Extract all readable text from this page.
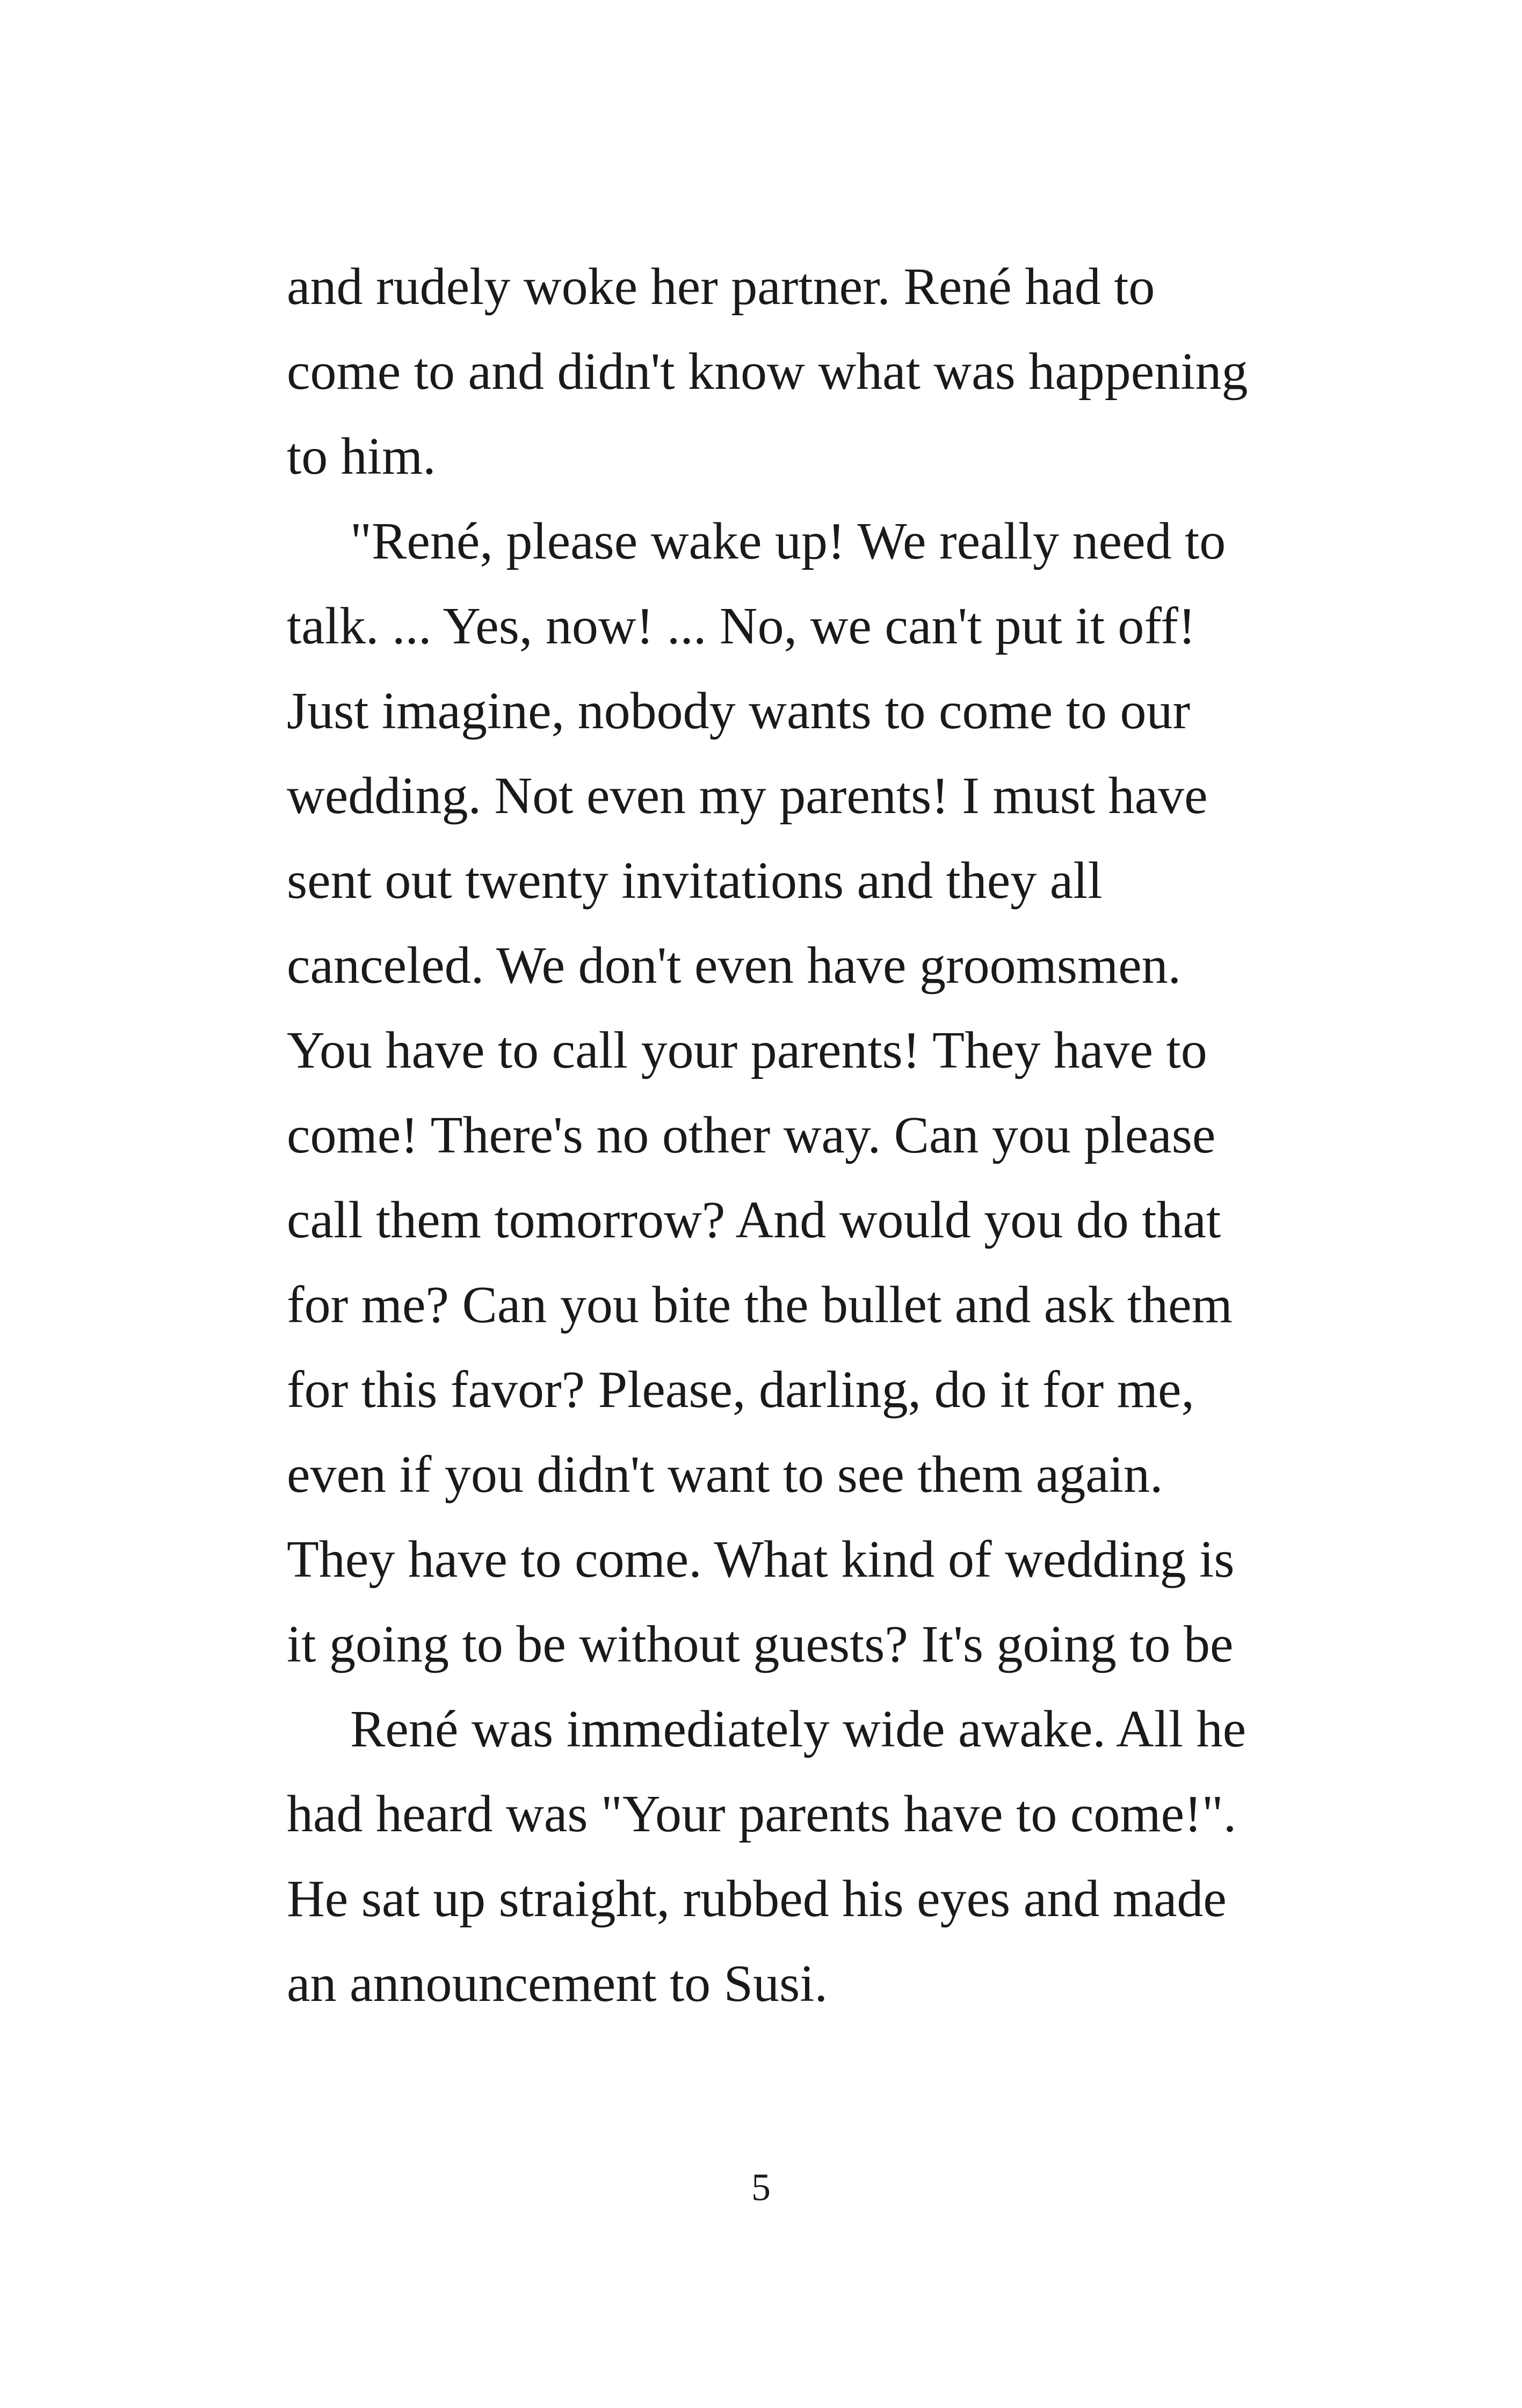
and rudely woke her partner. René had to
come to and didn't know what was happening
to him.

"René, please wake up! We really need to
talk. ... Yes, now! ... No, we can't put it off!
Just imagine, nobody wants to come to our
wedding. Not even my parents! I must have
sent out twenty invitations and they all
canceled. We don't even have groomsmen.
You have to call your parents! They have to
come! There's no other way. Can you please
call them tomorrow? And would you do that
for me? Can you bite the bullet and ask them
for this favor? Please, darling, do it for me,
even if you didn't want to see them again.
They have to come. What kind of wedding is
it going to be without guests? It's going to be

René was immediately wide awake. All he
had heard was "Your parents have to come!".
He sat up straight, rubbed his eyes and made
an announcement to Susi.

5
